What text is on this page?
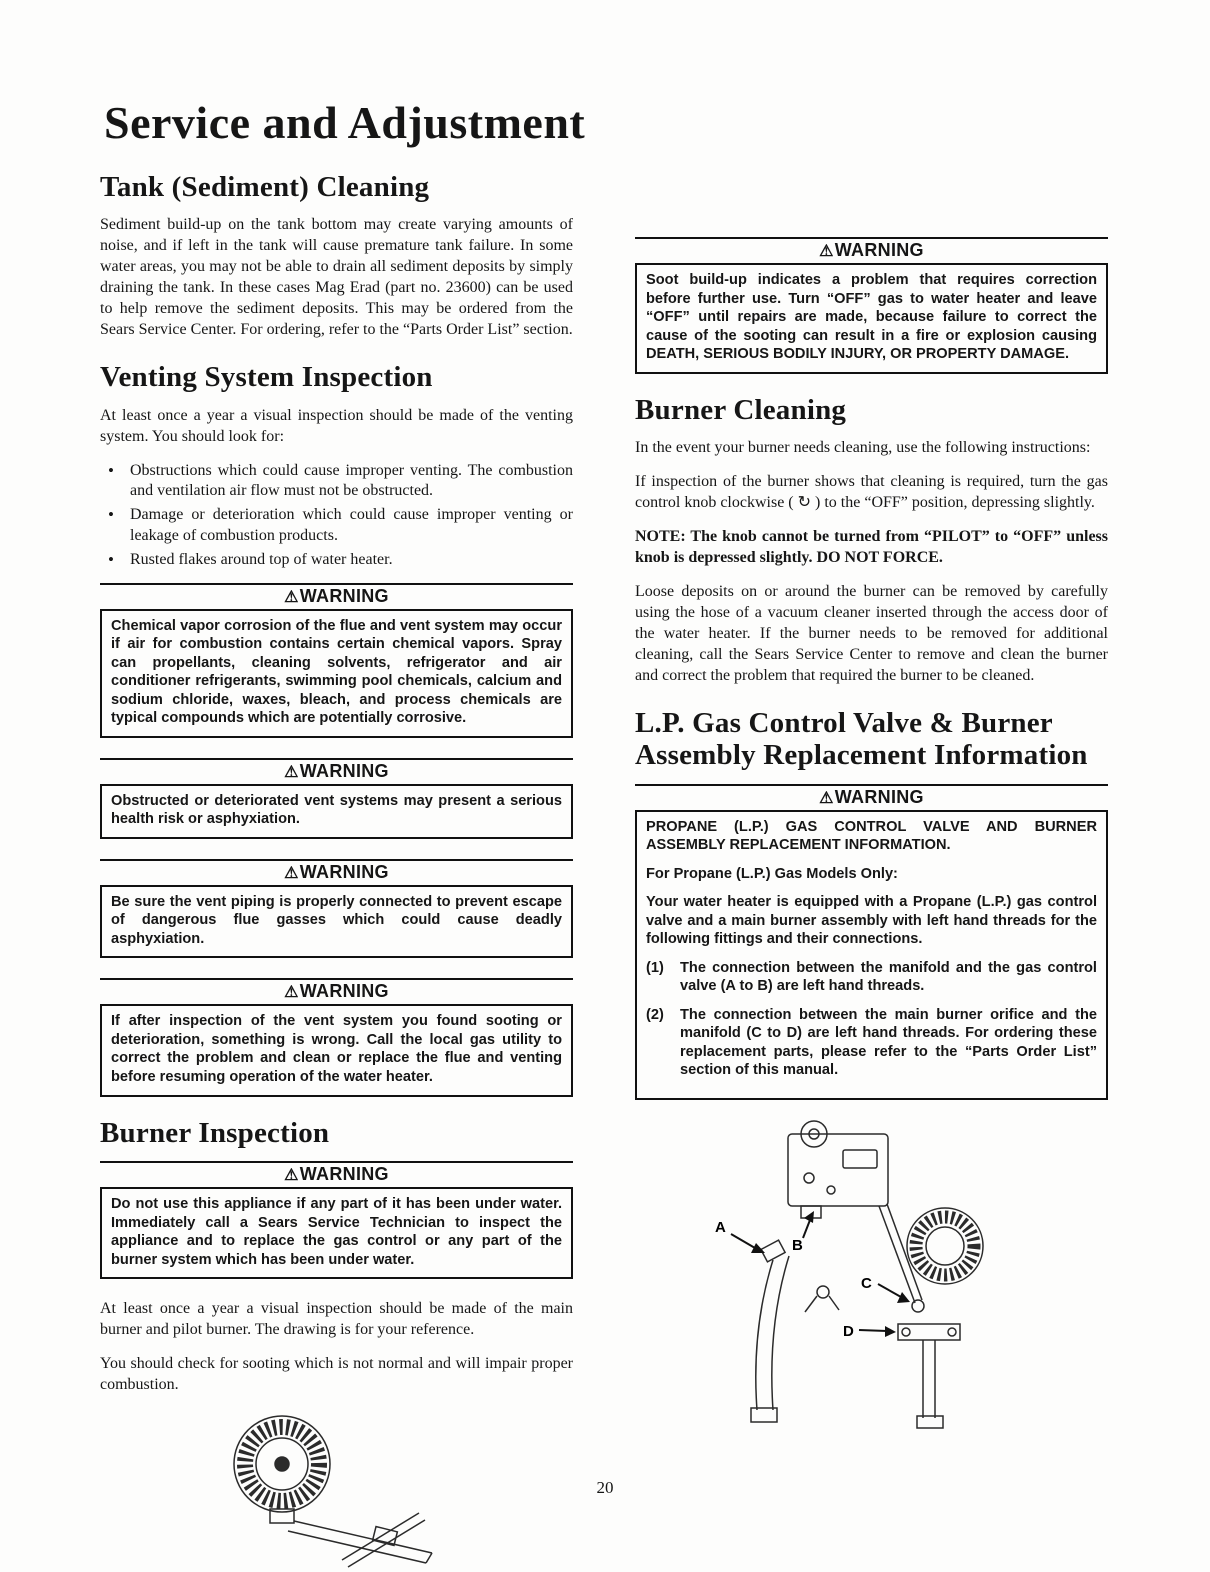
Service and Adjustment
Tank (Sediment) Cleaning

Sediment build-up on the tank bottom may create varying amounts of noise, and if left in the tank will cause premature tank failure. In some water areas, you may not be able to drain all sediment deposits by simply draining the tank. In these cases Mag Erad (part no. 23600) can be used to help remove the sediment deposits. This may be ordered from the Sears Service Center. For ordering, refer to the “Parts Order List” section.

Venting System Inspection

At least once a year a visual inspection should be made of the venting system. You should look for:

• Obstructions which could cause improper venting. The combustion and ventilation air flow must not be obstructed.
• Damage or deterioration which could cause improper venting or leakage of combustion products.
• Rusted flakes around top of water heater.
⚠WARNING
Chemical vapor corrosion of the flue and vent system may occur if air for combustion contains certain chemical vapors. Spray can propellants, cleaning solvents, refrigerator and air conditioner refrigerants, swimming pool chemicals, calcium and sodium chloride, waxes, bleach, and process chemicals are typical compounds which are potentially corrosive.
⚠WARNING
Obstructed or deteriorated vent systems may present a serious health risk or asphyxiation.
⚠WARNING
Be sure the vent piping is properly connected to prevent escape of dangerous flue gasses which could cause deadly asphyxiation.
⚠WARNING
If after inspection of the vent system you found sooting or deterioration, something is wrong. Call the local gas utility to correct the problem and clean or replace the flue and venting before resuming operation of the water heater.
Burner Inspection
⚠WARNING
Do not use this appliance if any part of it has been under water. Immediately call a Sears Service Technician to inspect the appliance and to replace the gas control or any part of the burner system which has been under water.

At least once a year a visual inspection should be made of the main burner and pilot burner. The drawing is for your reference.

You should check for sooting which is not normal and will impair proper combustion.

⚠WARNING
Soot build-up indicates a problem that requires correction before further use. Turn “OFF” gas to water heater and leave “OFF” until repairs are made, because failure to correct the cause of the sooting can result in a fire or explosion causing DEATH, SERIOUS BODILY INJURY, OR PROPERTY DAMAGE.
Burner Cleaning

In the event your burner needs cleaning, use the following instructions:

If inspection of the burner shows that cleaning is required, turn the gas control knob clockwise ( ↻ ) to the “OFF” position, depressing slightly.

NOTE: The knob cannot be turned from “PILOT” to “OFF” unless knob is depressed slightly. DO NOT FORCE.

Loose deposits on or around the burner can be removed by carefully using the hose of a vacuum cleaner inserted through the access door of the water heater. If the burner needs to be removed for additional cleaning, call the Sears Service Center to remove and clean the burner and correct the problem that required the burner to be cleaned.

L.P. Gas Control Valve & Burner Assembly Replacement Information
⚠WARNING

PROPANE (L.P.) GAS CONTROL VALVE AND BURNER ASSEMBLY REPLACEMENT INFORMATION.

For Propane (L.P.) Gas Models Only:

Your water heater is equipped with a Propane (L.P.) gas control valve and a main burner assembly with left hand threads for the following fittings and their connections.

(1)	The connection between the manifold and the gas control valve (A to B) are left hand threads.
(2)	The connection between the main burner orifice and the manifold (C to D) are left hand threads. For ordering these replacement parts, please refer to the “Parts Order List” section of this manual.
A
B
C
D
20
